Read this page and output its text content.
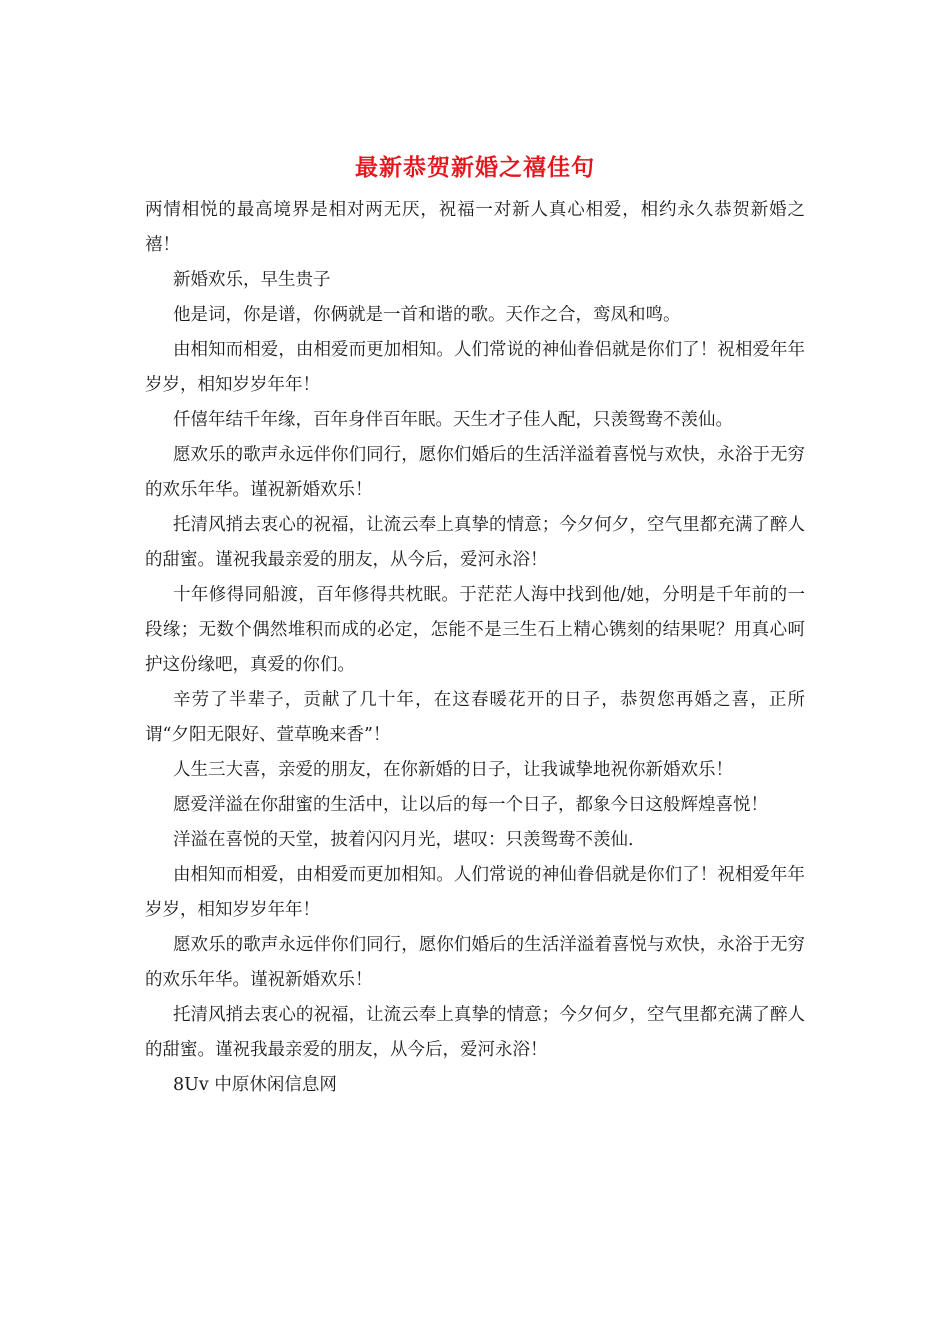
最新恭贺新婚之禧佳句

两情相悦的最高境界是相对两无厌，祝福一对新人真心相爱，相约永久恭贺新婚之禧！

新婚欢乐，早生贵子

他是词，你是谱，你俩就是一首和谐的歌。天作之合，鸾凤和鸣。

由相知而相爱，由相爱而更加相知。人们常说的神仙眷侣就是你们了！祝相爱年年岁岁，相知岁岁年年！

仟僖年结千年缘，百年身伴百年眠。天生才子佳人配，只羡鸳鸯不羡仙。

愿欢乐的歌声永远伴你们同行，愿你们婚后的生活洋溢着喜悦与欢快，永浴于无穷的欢乐年华。谨祝新婚欢乐！

托清风捎去衷心的祝福，让流云奉上真挚的情意；今夕何夕，空气里都充满了醉人的甜蜜。谨祝我最亲爱的朋友，从今后，爱河永浴！

十年修得同船渡，百年修得共枕眠。于茫茫人海中找到他/她，分明是千年前的一段缘；无数个偶然堆积而成的必定，怎能不是三生石上精心镌刻的结果呢？用真心呵护这份缘吧，真爱的你们。

辛劳了半辈子，贡献了几十年，在这春暖花开的日子，恭贺您再婚之喜，正所谓“夕阳无限好、萱草晚来香”！

人生三大喜，亲爱的朋友，在你新婚的日子，让我诚挚地祝你新婚欢乐！

愿爱洋溢在你甜蜜的生活中，让以后的每一个日子，都象今日这般辉煌喜悦！

洋溢在喜悦的天堂，披着闪闪月光，堪叹：只羡鸳鸯不羡仙.

由相知而相爱，由相爱而更加相知。人们常说的神仙眷侣就是你们了！祝相爱年年岁岁，相知岁岁年年！

愿欢乐的歌声永远伴你们同行，愿你们婚后的生活洋溢着喜悦与欢快，永浴于无穷的欢乐年华。谨祝新婚欢乐！

托清风捎去衷心的祝福，让流云奉上真挚的情意；今夕何夕，空气里都充满了醉人的甜蜜。谨祝我最亲爱的朋友，从今后，爱河永浴！

8Uv 中原休闲信息网
